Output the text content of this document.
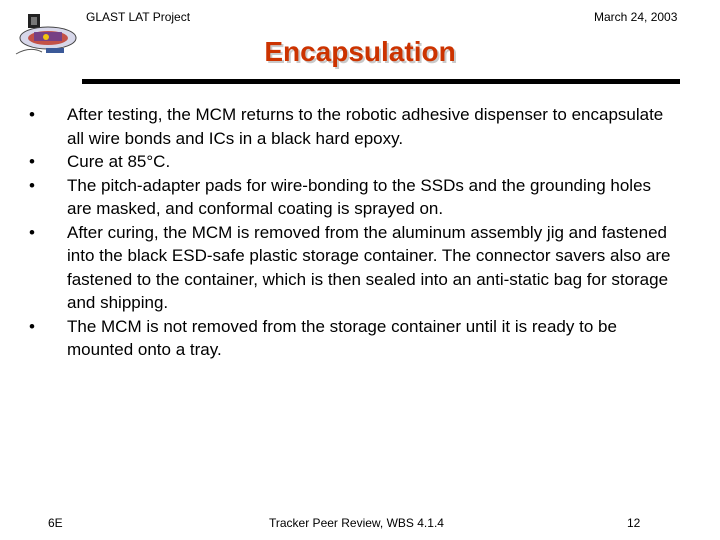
GLAST LAT Project	March 24, 2003
Encapsulation
• After testing, the MCM returns to the robotic adhesive dispenser to encapsulate all wire bonds and ICs in a black hard epoxy.
• Cure at 85°C.
• The pitch-adapter pads for wire-bonding to the SSDs and the grounding holes are masked, and conformal coating is sprayed on.
• After curing, the MCM is removed from the aluminum assembly jig and fastened into the black ESD-safe plastic storage container. The connector savers also are fastened to the container, which is then sealed into an anti-static bag for storage and shipping.
• The MCM is not removed from the storage container until it is ready to be mounted onto a tray.
6E	Tracker Peer Review, WBS 4.1.4	12
